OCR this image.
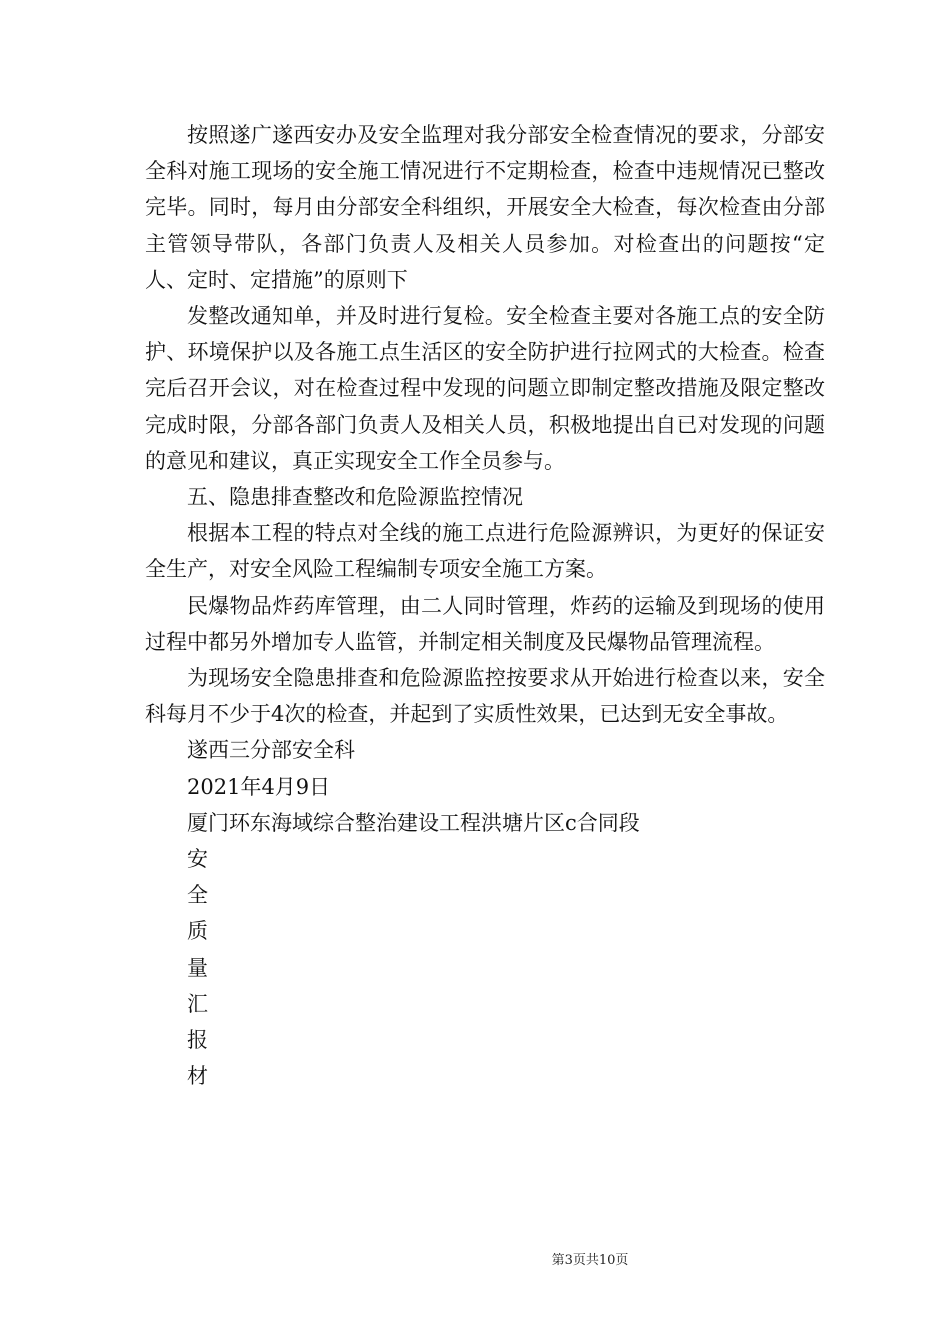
按照遂广遂西安办及安全监理对我分部安全检查情况的要求，分部安全科对施工现场的安全施工情况进行不定期检查，检查中违规情况已整改完毕。同时，每月由分部安全科组织，开展安全大检查，每次检查由分部主管领导带队，各部门负责人及相关人员参加。对检查出的问题按“定人、定时、定措施”的原则下

发整改通知单，并及时进行复检。安全检查主要对各施工点的安全防护、环境保护以及各施工点生活区的安全防护进行拉网式的大检查。检查完后召开会议，对在检查过程中发现的问题立即制定整改措施及限定整改完成时限，分部各部门负责人及相关人员，积极地提出自已对发现的问题的意见和建议，真正实现安全工作全员参与。

五、隐患排查整改和危险源监控情况

根据本工程的特点对全线的施工点进行危险源辨识，为更好的保证安全生产，对安全风险工程编制专项安全施工方案。

民爆物品炸药库管理，由二人同时管理，炸药的运输及到现场的使用过程中都另外增加专人监管，并制定相关制度及民爆物品管理流程。

为现场安全隐患排查和危险源监控按要求从开始进行检查以来，安全科每月不少于4次的检查，并起到了实质性效果，已达到无安全事故。

遂西三分部安全科

2021年4月9日

厦门环东海域综合整治建设工程洪塘片区c合同段

安

全

质

量

汇

报

材

第3页共10页
